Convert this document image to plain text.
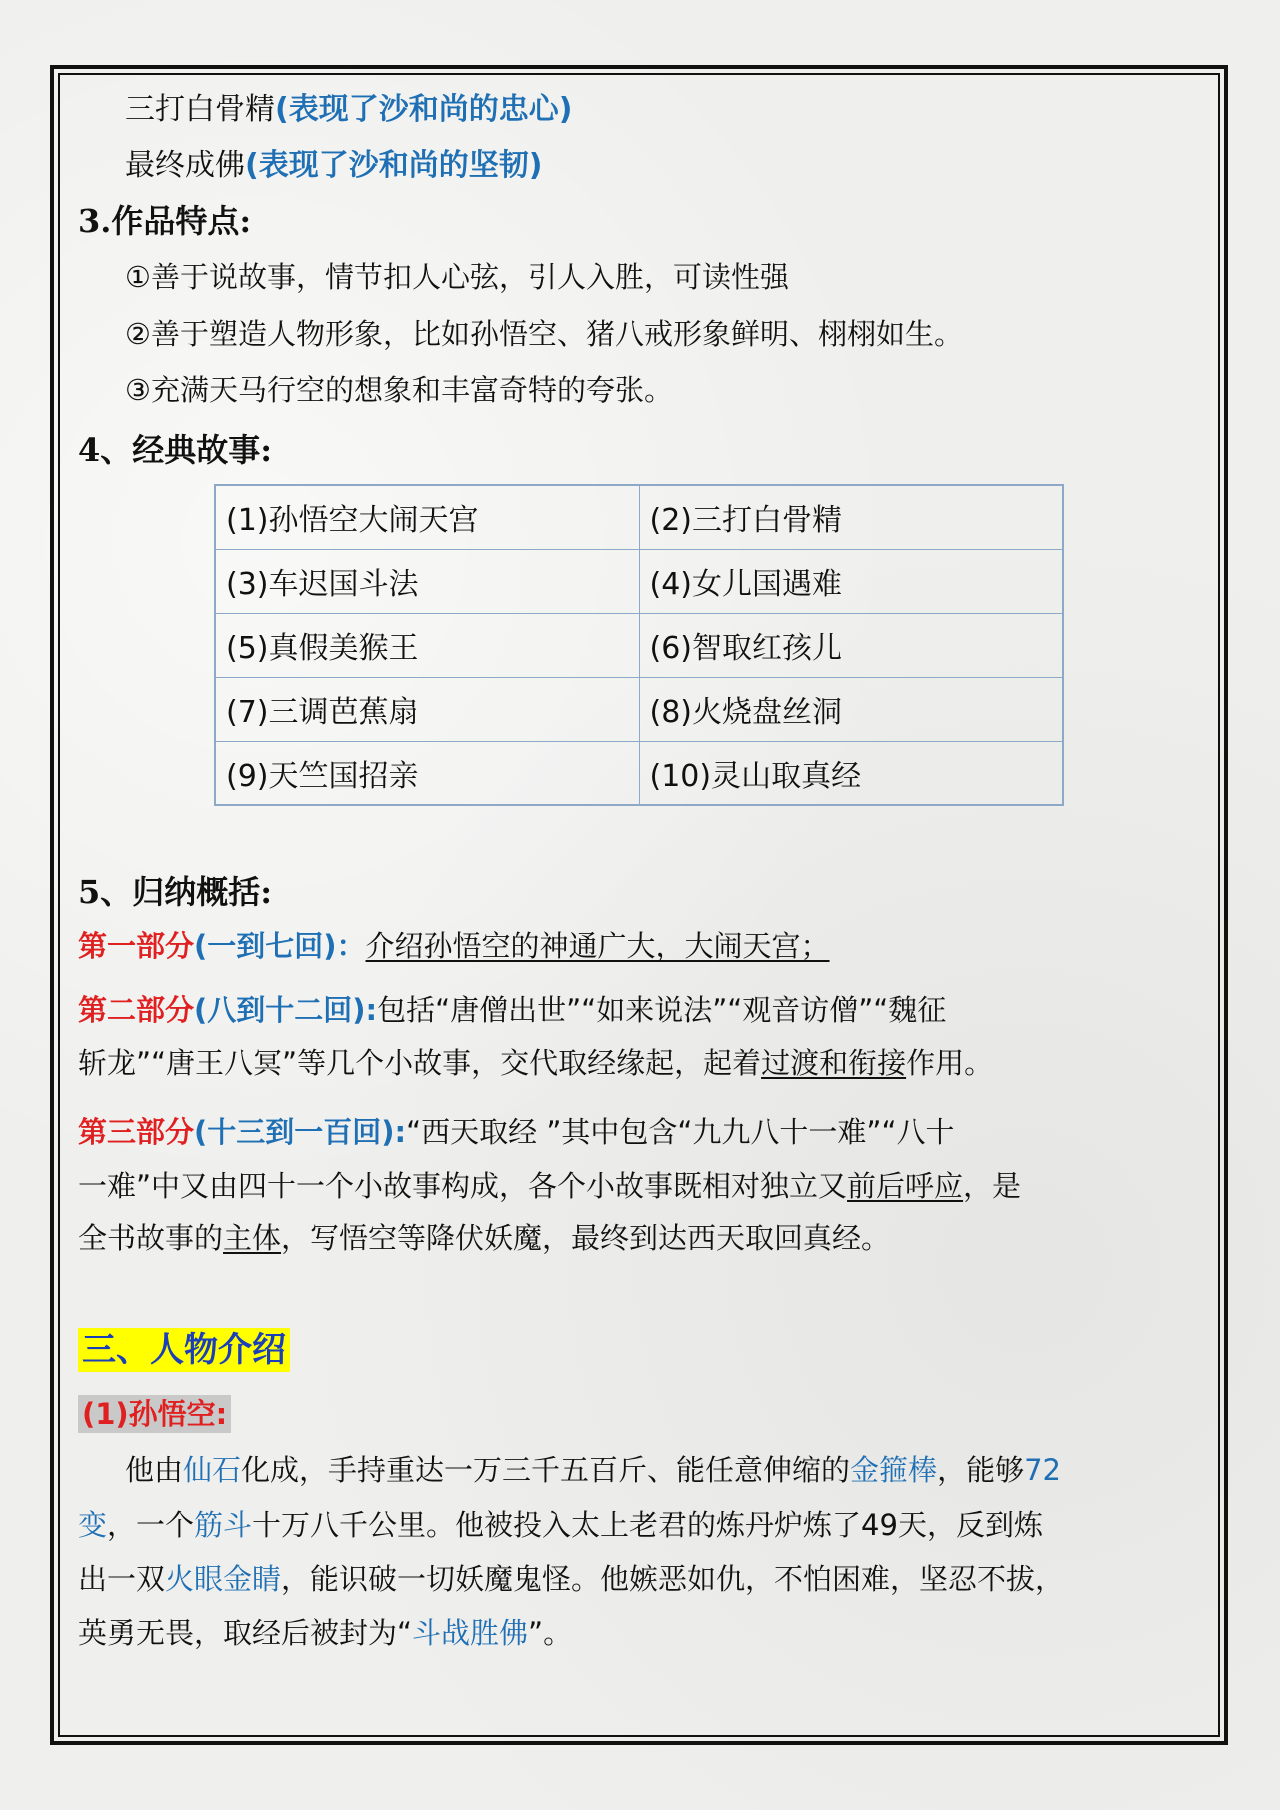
三打白骨精(表现了沙和尚的忠心)
最终成佛(表现了沙和尚的坚韧)
3.作品特点:
①善于说故事，情节扣人心弦，引人入胜，可读性强
②善于塑造人物形象，比如孙悟空、猪八戒形象鲜明、栩栩如生。
③充满天马行空的想象和丰富奇特的夸张。
4、经典故事:
(1)孙悟空大闹天宫	(2)三打白骨精
(3)车迟国斗法	(4)女儿国遇难
(5)真假美猴王	(6)智取红孩儿
(7)三调芭蕉扇	(8)火烧盘丝洞
(9)天竺国招亲	(10)灵山取真经
5、归纳概括:
第一部分(一到七回)：介绍孙悟空的神通广大，大闹天宫；
第二部分(八到十二回):包括“唐僧出世”“如来说法”“观音访僧”“魏征
斩龙”“唐王八冥”等几个小故事，交代取经缘起，起着过渡和衔接作用。
第三部分(十三到一百回):“西天取经 ”其中包含“九九八十一难”“八十
一难”中又由四十一个小故事构成，各个小故事既相对独立又前后呼应，是
全书故事的主体，写悟空等降伏妖魔，最终到达西天取回真经。
三、人物介绍
(1)孙悟空:
他由仙石化成，手持重达一万三千五百斤、能任意伸缩的金箍棒，能够72
变，一个筋斗十万八千公里。他被投入太上老君的炼丹炉炼了49天，反到炼
出一双火眼金睛，能识破一切妖魔鬼怪。他嫉恶如仇，不怕困难，坚忍不拔，
英勇无畏，取经后被封为“斗战胜佛”。
